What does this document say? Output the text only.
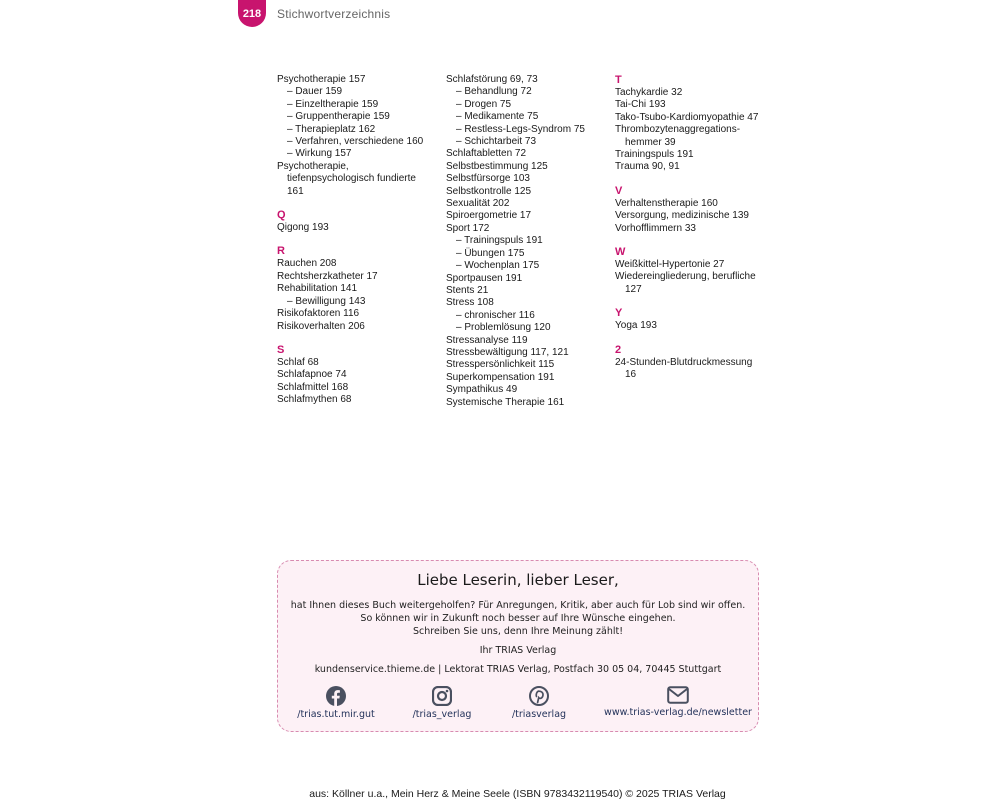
218	Stichwortverzeichnis
Psychotherapie 157
– Dauer 159
– Einzeltherapie 159
– Gruppentherapie 159
– Therapieplatz 162
– Verfahren, verschiedene 160
– Wirkung 157
Psychotherapie,
tiefenpsychologisch fundierte
161
Q
Qigong 193
R
Rauchen 208
Rechtsherzkatheter 17
Rehabilitation 141
– Bewilligung 143
Risikofaktoren 116
Risikoverhalten 206
S
Schlaf 68
Schlafapnoe 74
Schlafmittel 168
Schlafmythen 68
Schlafstörung 69, 73
– Behandlung 72
– Drogen 75
– Medikamente 75
– Restless-Legs-Syndrom 75
– Schichtarbeit 73
Schlaftabletten 72
Selbstbestimmung 125
Selbstfürsorge 103
Selbstkontrolle 125
Sexualität 202
Spiroergometrie 17
Sport 172
– Trainingspuls 191
– Übungen 175
– Wochenplan 175
Sportpausen 191
Stents 21
Stress 108
– chronischer 116
– Problemlösung 120
Stressanalyse 119
Stressbewältigung 117, 121
Stresspersönlichkeit 115
Superkompensation 191
Sympathikus 49
Systemische Therapie 161
T
Tachykardie 32
Tai-Chi 193
Tako-Tsubo-Kardiomyopathie 47
Thrombozytenaggregations-
hemmer 39
Trainingspuls 191
Trauma 90, 91
V
Verhaltenstherapie 160
Versorgung, medizinische 139
Vorhofflimmern 33
W
Weißkittel-Hypertonie 27
Wiedereingliederung, berufliche
127
Y
Yoga 193
2
24-Stunden-Blutdruckmessung
16
Liebe Leserin, lieber Leser,
hat Ihnen dieses Buch weitergeholfen? Für Anregungen, Kritik, aber auch für Lob sind wir offen.
So können wir in Zukunft noch besser auf Ihre Wünsche eingehen.
Schreiben Sie uns, denn Ihre Meinung zählt!
Ihr TRIAS Verlag
kundenservice.thieme.de | Lektorat TRIAS Verlag, Postfach 30 05 04, 70445 Stuttgart
/trias.tut.mir.gut	/trias_verlag	/triasverlag	www.trias-verlag.de/newsletter
aus: Köllner u.a., Mein Herz & Meine Seele (ISBN 9783432119540) © 2025 TRIAS Verlag
